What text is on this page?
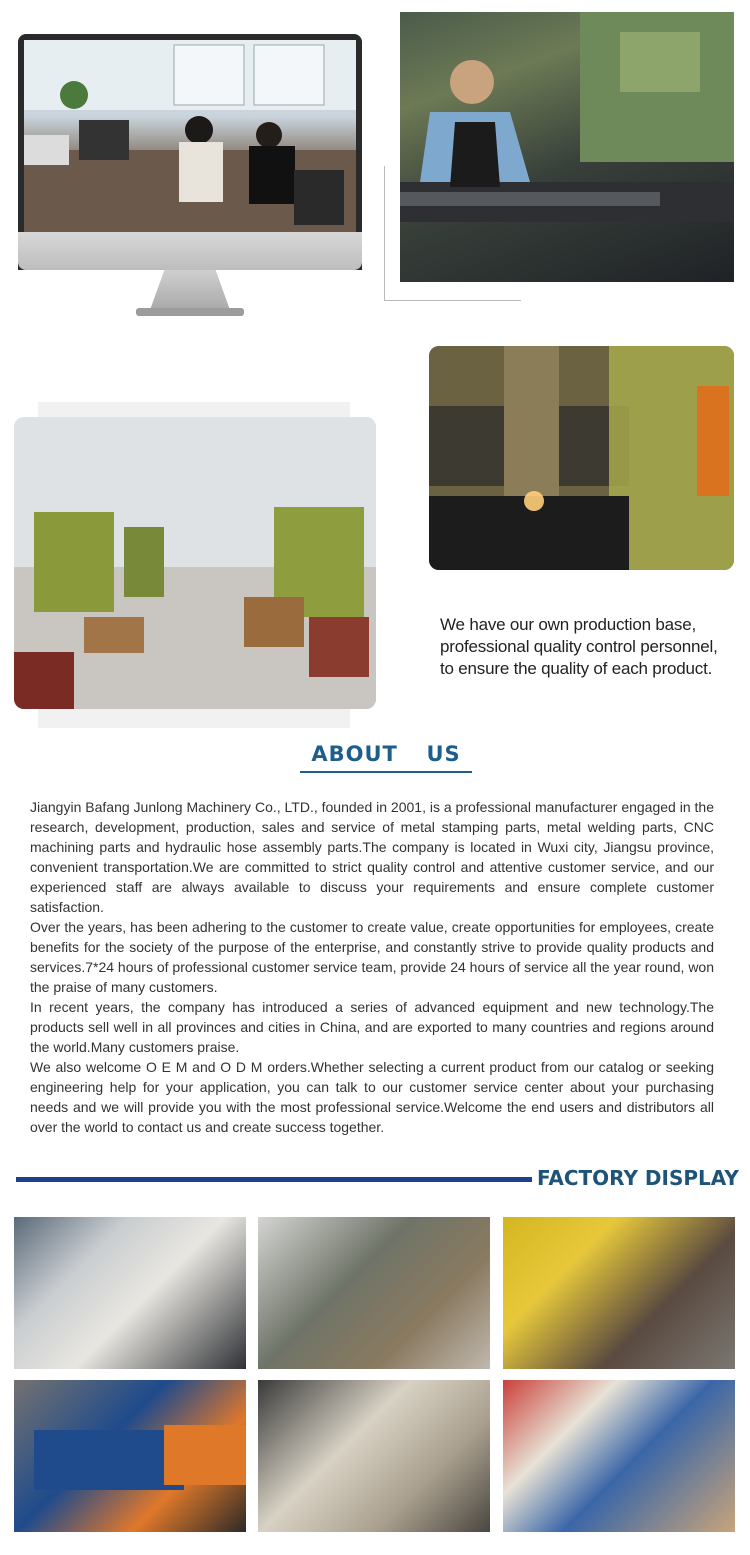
We have our own production base,
professional quality control personnel,
to ensure the quality of each product.
ABOUT  US

Jiangyin Bafang Junlong Machinery Co., LTD., founded in 2001, is a professional manufacturer engaged in the research, development, production, sales and service of metal stamping parts, metal welding parts, CNC machining parts and hydraulic hose assembly parts.The company is located in Wuxi city, Jiangsu province, convenient transportation.We are committed to strict quality control and attentive customer service, and our experienced staff are always available to discuss your requirements and ensure complete customer satisfaction.

Over the years, has been adhering to the customer to create value, create opportunities for employees, create benefits for the society of the purpose of the enterprise, and constantly strive to provide quality products and services.7*24 hours of professional customer service team, provide 24 hours of service all the year round, won the praise of many customers.

In recent years, the company has introduced a series of advanced equipment and new technology.The products sell well in all provinces and cities in China, and are exported to many countries and regions around the world.Many customers praise.

We also welcome O E M and O D M orders.Whether selecting a current product from our catalog or seeking engineering help for your application, you can talk to our customer service center about your purchasing needs and we will provide you with the most professional service.Welcome the end users and distributors all over the world to contact us and create success together.

FACTORY DISPLAY
